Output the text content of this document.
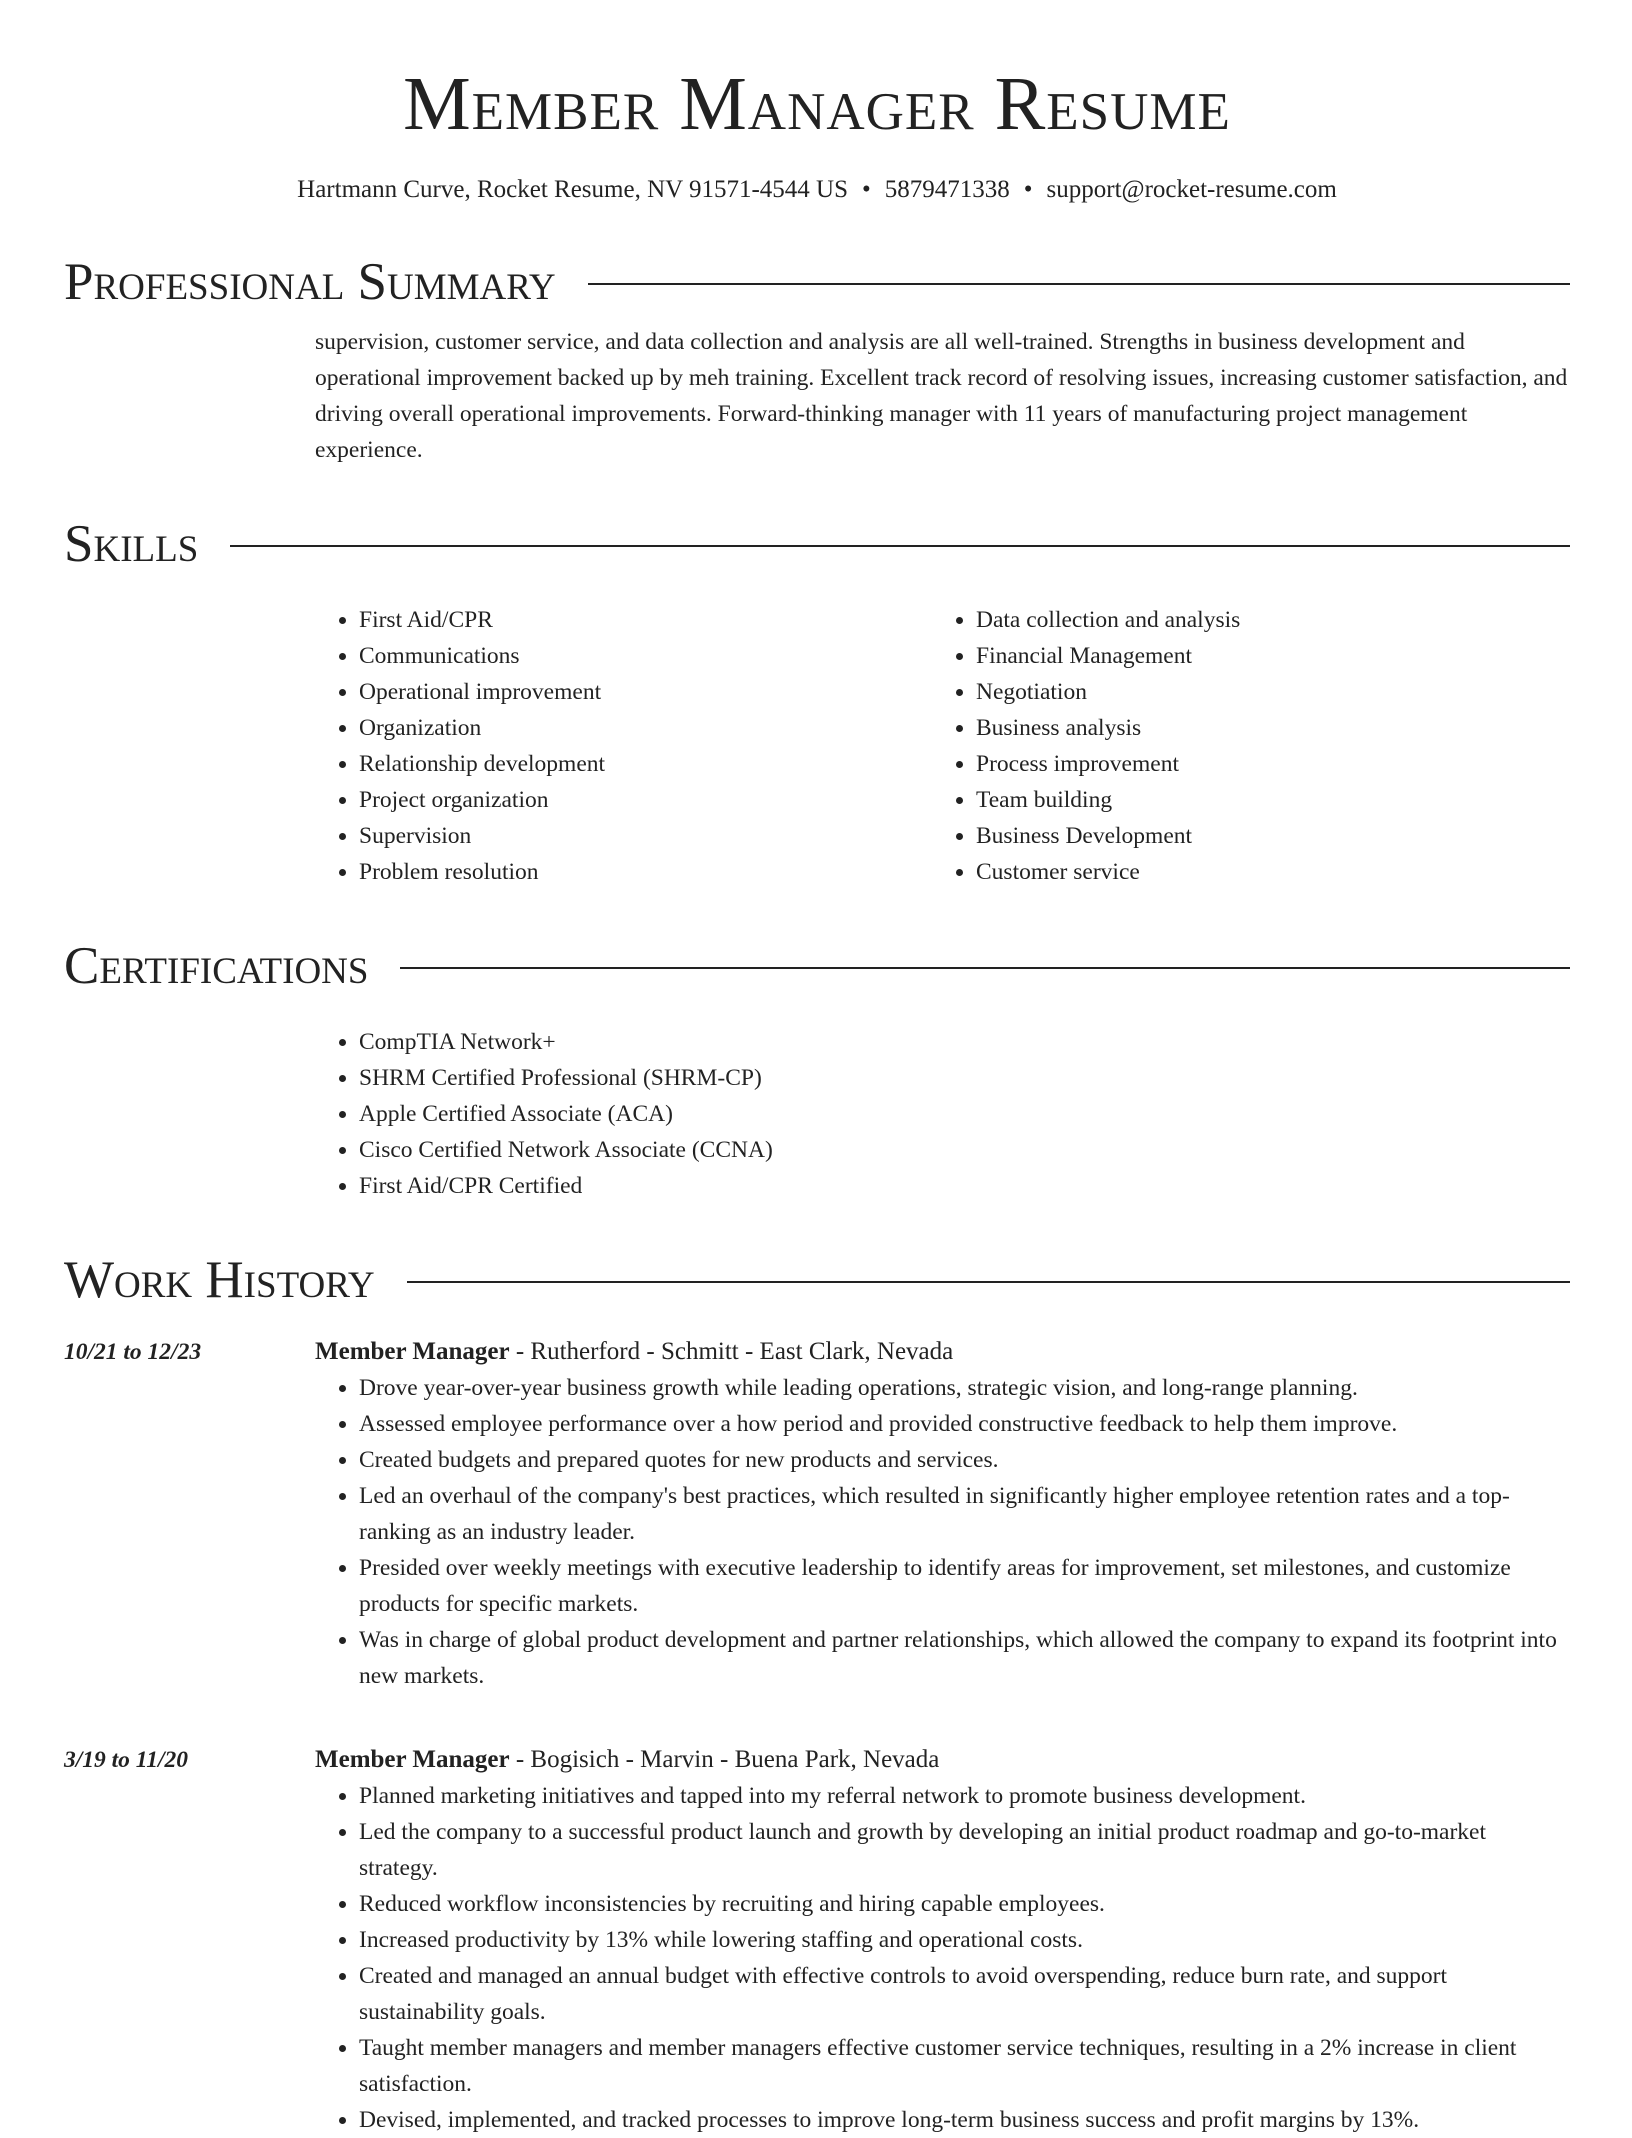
Member Manager Resume
Hartmann Curve, Rocket Resume, NV 91571-4544 US • 5879471338 • support@rocket-resume.com
Professional Summary

supervision, customer service, and data collection and analysis are all well-trained. Strengths in business development and operational improvement backed up by meh training. Excellent track record of resolving issues, increasing customer satisfaction, and driving overall operational improvements. Forward-thinking manager with 11 years of manufacturing project management experience.

Skills
• First Aid/CPR
• Communications
• Operational improvement
• Organization
• Relationship development
• Project organization
• Supervision
• Problem resolution
• Data collection and analysis
• Financial Management
• Negotiation
• Business analysis
• Process improvement
• Team building
• Business Development
• Customer service
Certifications
• CompTIA Network+
• SHRM Certified Professional (SHRM-CP)
• Apple Certified Associate (ACA)
• Cisco Certified Network Associate (CCNA)
• First Aid/CPR Certified
Work History
10/21 to 12/23	Member Manager - Rutherford - Schmitt - East Clark, Nevada
• Drove year-over-year business growth while leading operations, strategic vision, and long-range planning.
• Assessed employee performance over a how period and provided constructive feedback to help them improve.
• Created budgets and prepared quotes for new products and services.
• Led an overhaul of the company's best practices, which resulted in significantly higher employee retention rates and a top-ranking as an industry leader.
• Presided over weekly meetings with executive leadership to identify areas for improvement, set milestones, and customize products for specific markets.
• Was in charge of global product development and partner relationships, which allowed the company to expand its footprint into new markets.
3/19 to 11/20	Member Manager - Bogisich - Marvin - Buena Park, Nevada
• Planned marketing initiatives and tapped into my referral network to promote business development.
• Led the company to a successful product launch and growth by developing an initial product roadmap and go-to-market strategy.
• Reduced workflow inconsistencies by recruiting and hiring capable employees.
• Increased productivity by 13% while lowering staffing and operational costs.
• Created and managed an annual budget with effective controls to avoid overspending, reduce burn rate, and support sustainability goals.
• Taught member managers and member managers effective customer service techniques, resulting in a 2% increase in client satisfaction.
• Devised, implemented, and tracked processes to improve long-term business success and profit margins by 13%.
